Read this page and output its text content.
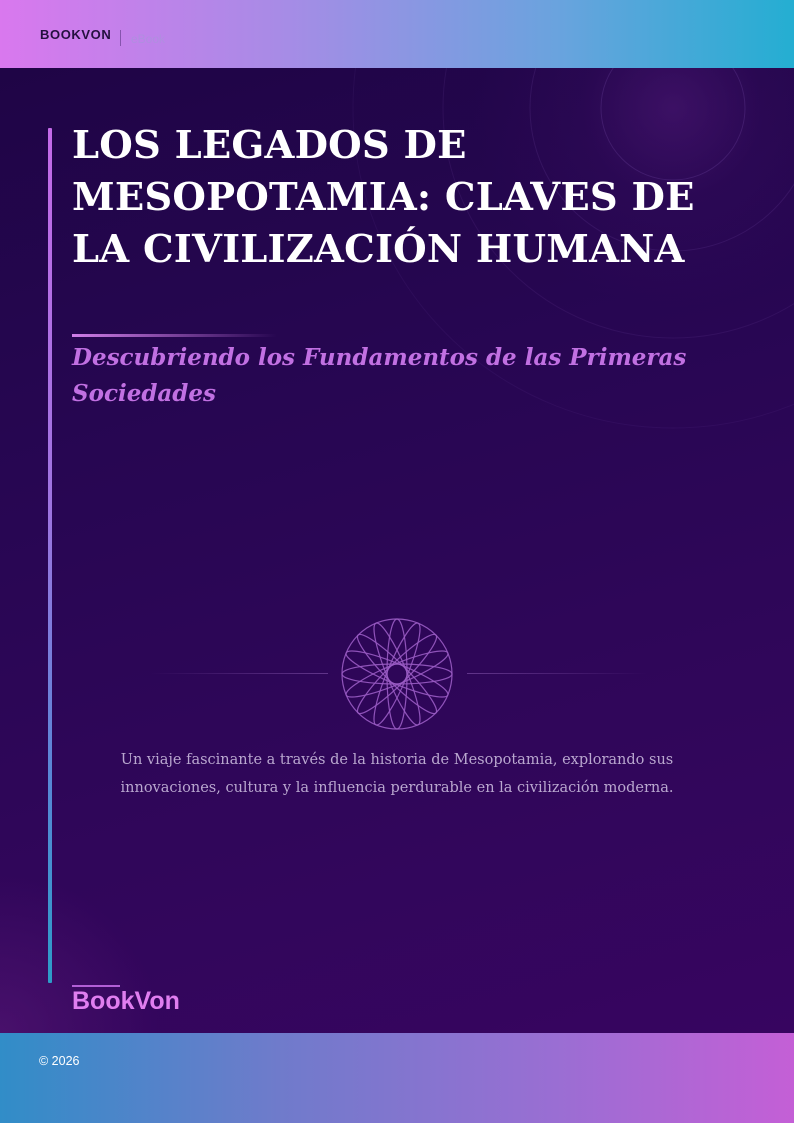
BOOKVON eBook
LOS LEGADOS DE MESOPOTAMIA: CLAVES DE LA CIVILIZACIÓN HUMANA
Descubriendo los Fundamentos de las Primeras Sociedades

Un viaje fascinante a través de la historia de Mesopotamia, explorando sus innovaciones, cultura y la influencia perdurable en la civilización moderna.

BookVon
© 2026
